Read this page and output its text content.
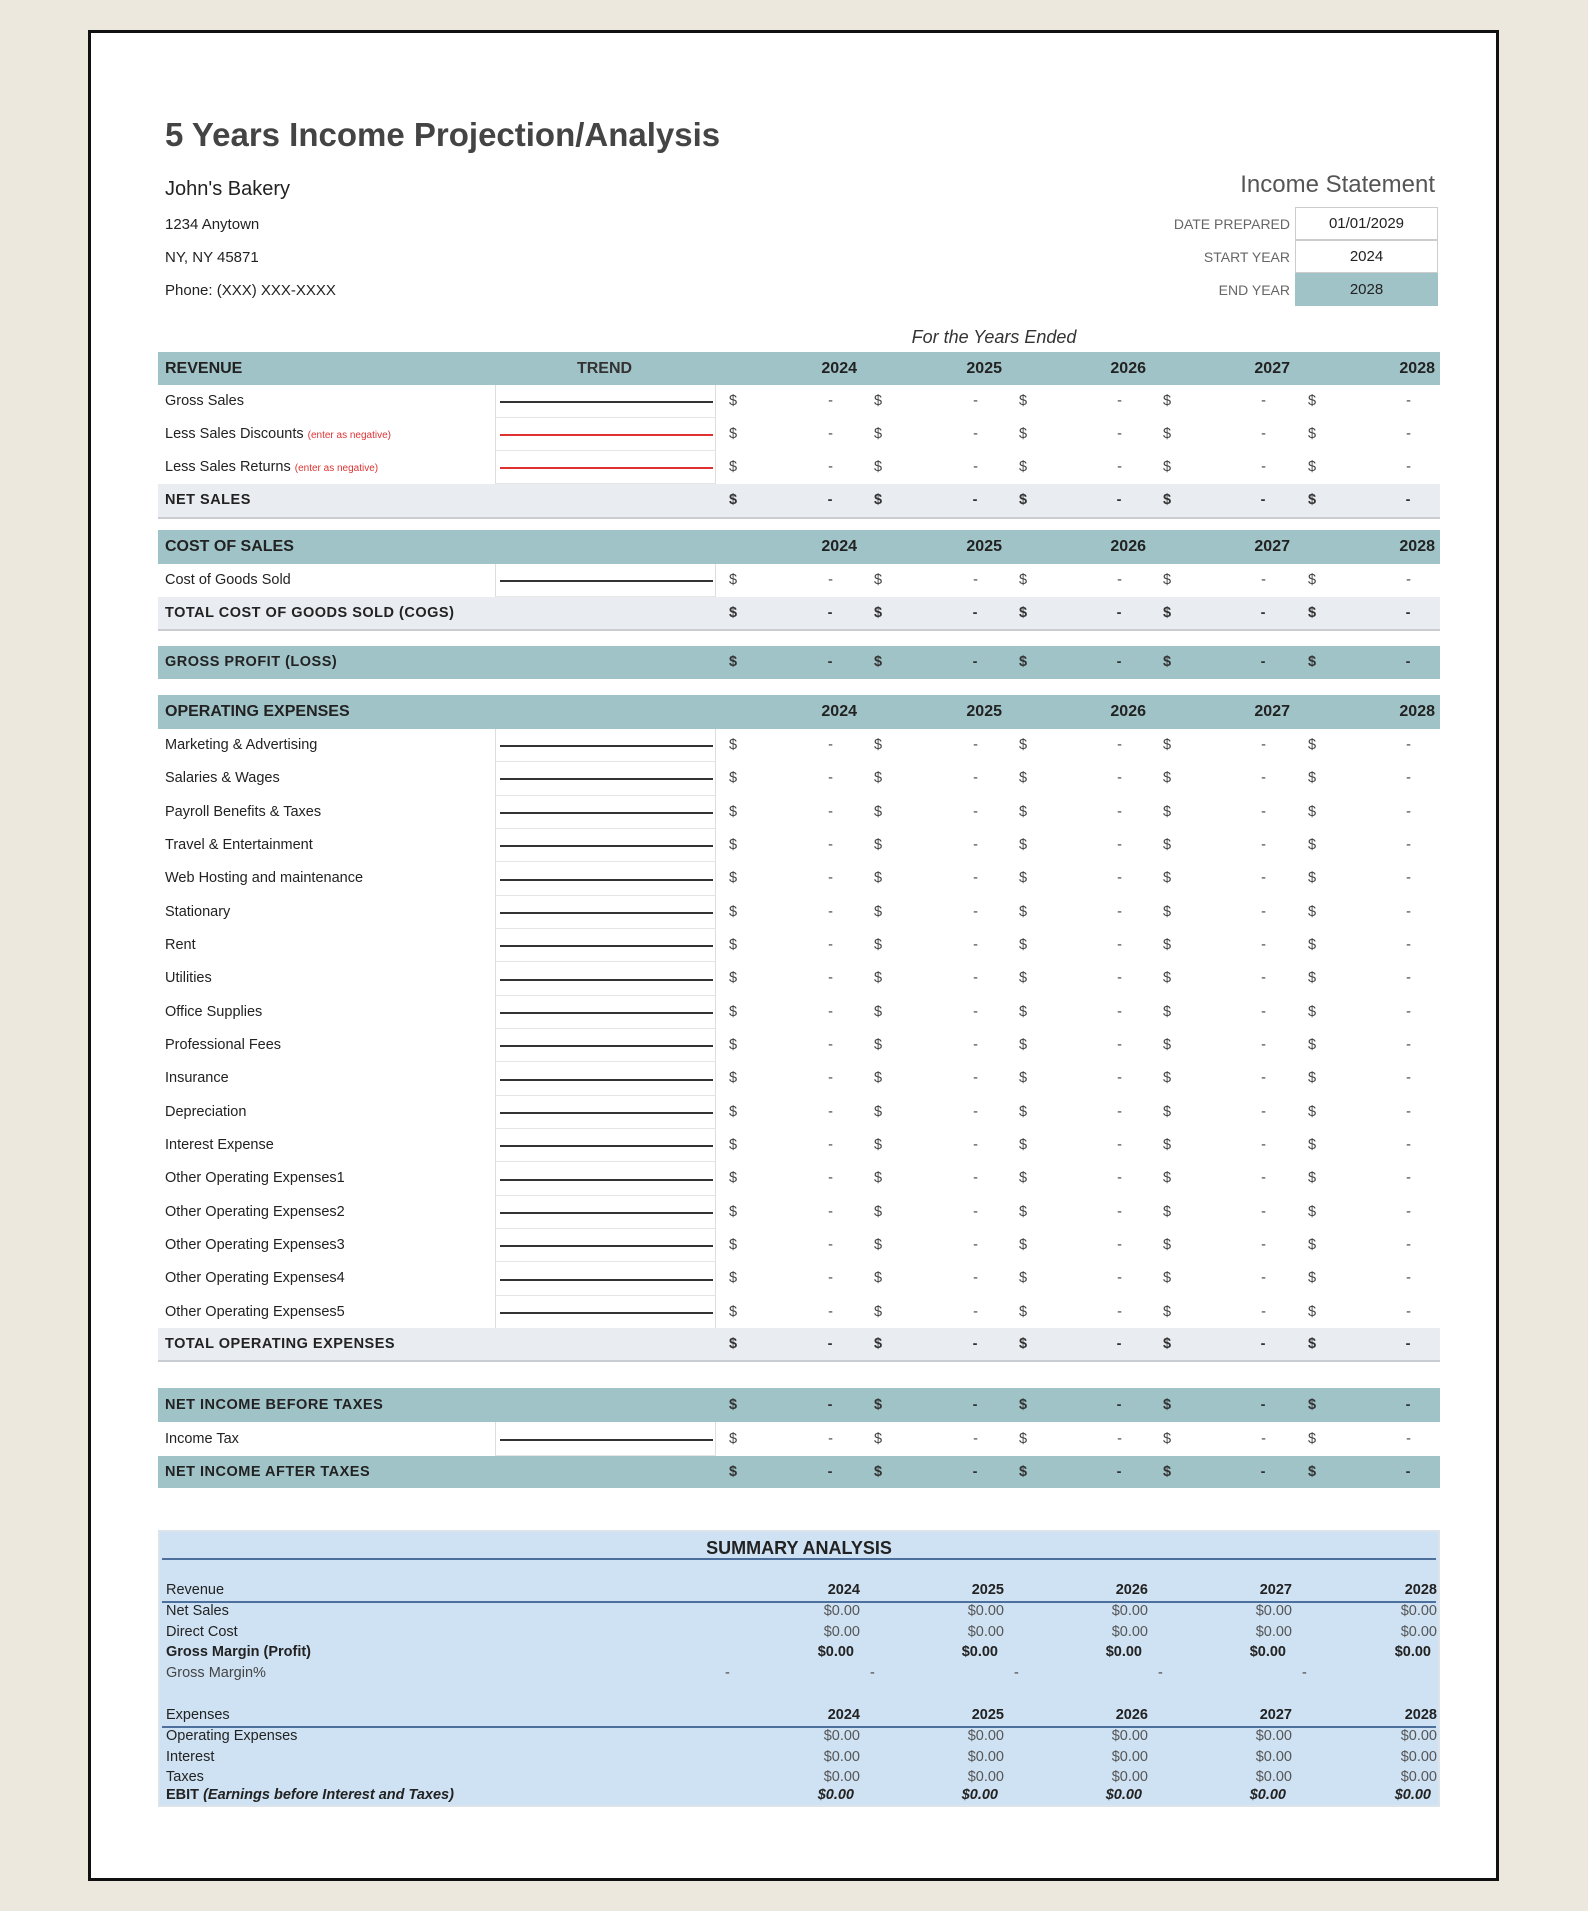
5 Years Income Projection/Analysis
John's Bakery
1234 Anytown
NY, NY 45871
Phone: (XXX) XXX-XXXX
Income Statement
DATE PREPARED	01/01/2029
START YEAR	2024
END YEAR	2028
For the Years Ended
REVENUE	TREND	2024	2025	2026	2027	2028
Gross Sales	$	-	$	-	$	-	$	-	$	-
Less Sales Discounts (enter as negative)	$	-	$	-	$	-	$	-	$	-
Less Sales Returns (enter as negative)	$	-	$	-	$	-	$	-	$	-
NET SALES	$	-	$	-	$	-	$	-	$	-
COST OF SALES	2024	2025	2026	2027	2028
Cost of Goods Sold	$	-	$	-	$	-	$	-	$	-
TOTAL COST OF GOODS SOLD (COGS)	$	-	$	-	$	-	$	-	$	-
GROSS PROFIT (LOSS)	$	-	$	-	$	-	$	-	$	-
OPERATING EXPENSES	2024	2025	2026	2027	2028
Marketing & Advertising	$	-	$	-	$	-	$	-	$	-
Salaries & Wages	$	-	$	-	$	-	$	-	$	-
Payroll Benefits & Taxes	$	-	$	-	$	-	$	-	$	-
Travel & Entertainment	$	-	$	-	$	-	$	-	$	-
Web Hosting and maintenance	$	-	$	-	$	-	$	-	$	-
Stationary	$	-	$	-	$	-	$	-	$	-
Rent	$	-	$	-	$	-	$	-	$	-
Utilities	$	-	$	-	$	-	$	-	$	-
Office Supplies	$	-	$	-	$	-	$	-	$	-
Professional Fees	$	-	$	-	$	-	$	-	$	-
Insurance	$	-	$	-	$	-	$	-	$	-
Depreciation	$	-	$	-	$	-	$	-	$	-
Interest Expense	$	-	$	-	$	-	$	-	$	-
Other Operating Expenses1	$	-	$	-	$	-	$	-	$	-
Other Operating Expenses2	$	-	$	-	$	-	$	-	$	-
Other Operating Expenses3	$	-	$	-	$	-	$	-	$	-
Other Operating Expenses4	$	-	$	-	$	-	$	-	$	-
Other Operating Expenses5	$	-	$	-	$	-	$	-	$	-
TOTAL OPERATING EXPENSES	$	-	$	-	$	-	$	-	$	-
NET INCOME BEFORE TAXES	$	-	$	-	$	-	$	-	$	-
Income Tax	$	-	$	-	$	-	$	-	$	-
NET INCOME AFTER TAXES	$	-	$	-	$	-	$	-	$	-
SUMMARY ANALYSIS
Revenue	2024	2025	2026	2027	2028
Net Sales	$0.00	$0.00	$0.00	$0.00	$0.00
Direct Cost	$0.00	$0.00	$0.00	$0.00	$0.00
Gross Margin (Profit)	$0.00	$0.00	$0.00	$0.00	$0.00
Gross Margin%	-	-	-	-	-
Expenses	2024	2025	2026	2027	2028
Operating Expenses	$0.00	$0.00	$0.00	$0.00	$0.00
Interest	$0.00	$0.00	$0.00	$0.00	$0.00
Taxes	$0.00	$0.00	$0.00	$0.00	$0.00
EBIT (Earnings before Interest and Taxes)	$0.00	$0.00	$0.00	$0.00	$0.00
